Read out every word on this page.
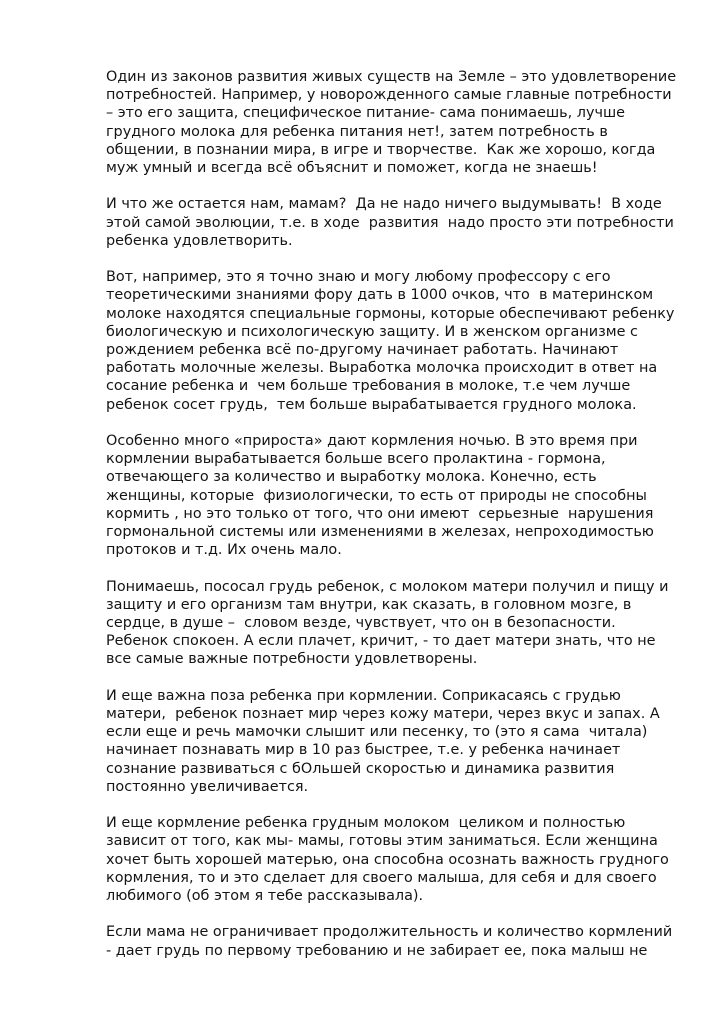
Один из законов развития живых существ на Земле – это удовлетворение
потребностей. Например, у новорожденного самые главные потребности
– это его защита, специфическое питание- сама понимаешь, лучше
грудного молока для ребенка питания нет!, затем потребность в
общении, в познании мира, в игре и творчестве.  Как же хорошо, когда
муж умный и всегда всё объяснит и поможет, когда не знаешь!
И что же остается нам, мамам?  Да не надо ничего выдумывать!  В ходе
этой самой эволюции, т.е. в ходе  развития  надо просто эти потребности
ребенка удовлетворить.
Вот, например, это я точно знаю и могу любому профессору с его
теоретическими знаниями фору дать в 1000 очков, что  в материнском
молоке находятся специальные гормоны, которые обеспечивают ребенку
биологическую и психологическую защиту. И в женском организме с
рождением ребенка всё по-другому начинает работать. Начинают
работать молочные железы. Выработка молочка происходит в ответ на
сосание ребенка и  чем больше требования в молоке, т.е чем лучше
ребенок сосет грудь,  тем больше вырабатывается грудного молока.
Особенно много «прироста» дают кормления ночью. В это время при
кормлении вырабатывается больше всего пролактина - гормона,
отвечающего за количество и выработку молока. Конечно, есть
женщины, которые  физиологически, то есть от природы не способны
кормить , но это только от того, что они имеют  серьезные  нарушения
гормональной системы или изменениями в железах, непроходимостью
протоков и т.д. Их очень мало.
Понимаешь, пососал грудь ребенок, с молоком матери получил и пищу и
защиту и его организм там внутри, как сказать, в головном мозге, в
сердце, в душе –  словом везде, чувствует, что он в безопасности.
Ребенок спокоен. А если плачет, кричит, - то дает матери знать, что не
все самые важные потребности удовлетворены.
И еще важна поза ребенка при кормлении. Соприкасаясь с грудью
матери,  ребенок познает мир через кожу матери, через вкус и запах. А
если еще и речь мамочки слышит или песенку, то (это я сама  читала)
начинает познавать мир в 10 раз быстрее, т.е. у ребенка начинает
сознание развиваться с бОльшей скоростью и динамика развития
постоянно увеличивается.
И еще кормление ребенка грудным молоком  целиком и полностью
зависит от того, как мы- мамы, готовы этим заниматься. Если женщина
хочет быть хорошей матерью, она способна осознать важность грудного
кормления, то и это сделает для своего малыша, для себя и для своего
любимого (об этом я тебе рассказывала).
Если мама не ограничивает продолжительность и количество кормлений
- дает грудь по первому требованию и не забирает ее, пока малыш не
